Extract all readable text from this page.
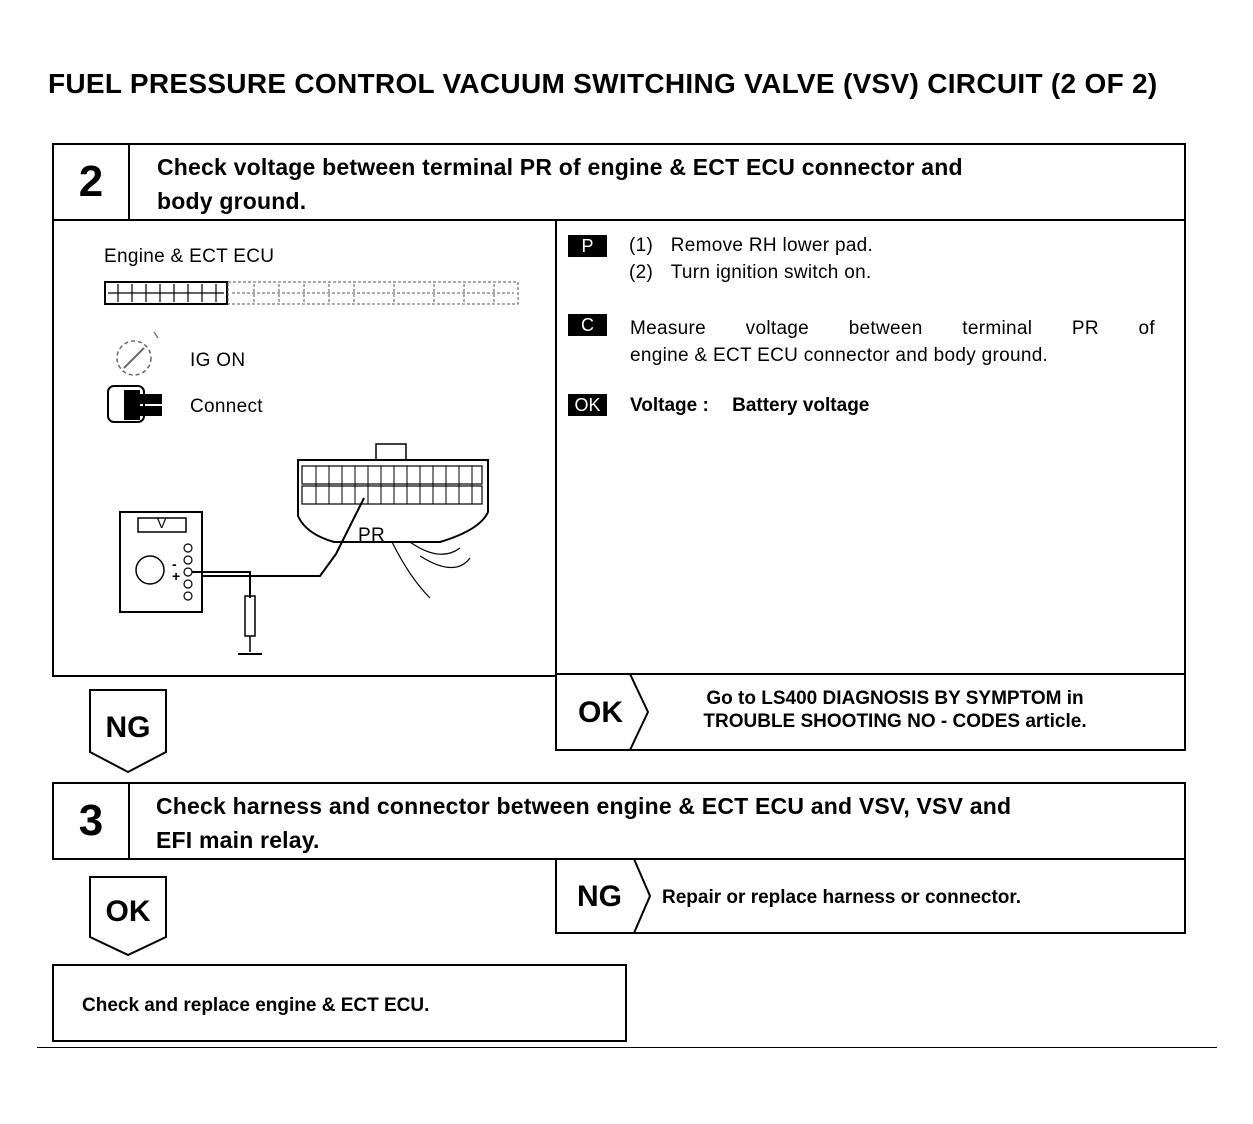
FUEL PRESSURE CONTROL VACUUM SWITCHING VALVE (VSV) CIRCUIT (2 OF 2)
2	Check voltage between terminal PR of engine & ECT ECU connector and
body ground.
Engine & ECT ECU
IG ON
Connect
V
-
+
PR
P	(1) Remove RH lower pad.
(2) Turn ignition switch on.
C	Measure voltage between terminal PR of
engine & ECT ECU connector and body ground.
OK	Voltage : Battery voltage
OK	Go to LS400 DIAGNOSIS BY SYMPTOM in
TROUBLE SHOOTING NO - CODES article.
NG
3	Check harness and connector between engine & ECT ECU and VSV, VSV and
EFI main relay.
NG Repair or replace harness or connector.
OK
Check and replace engine & ECT ECU.
